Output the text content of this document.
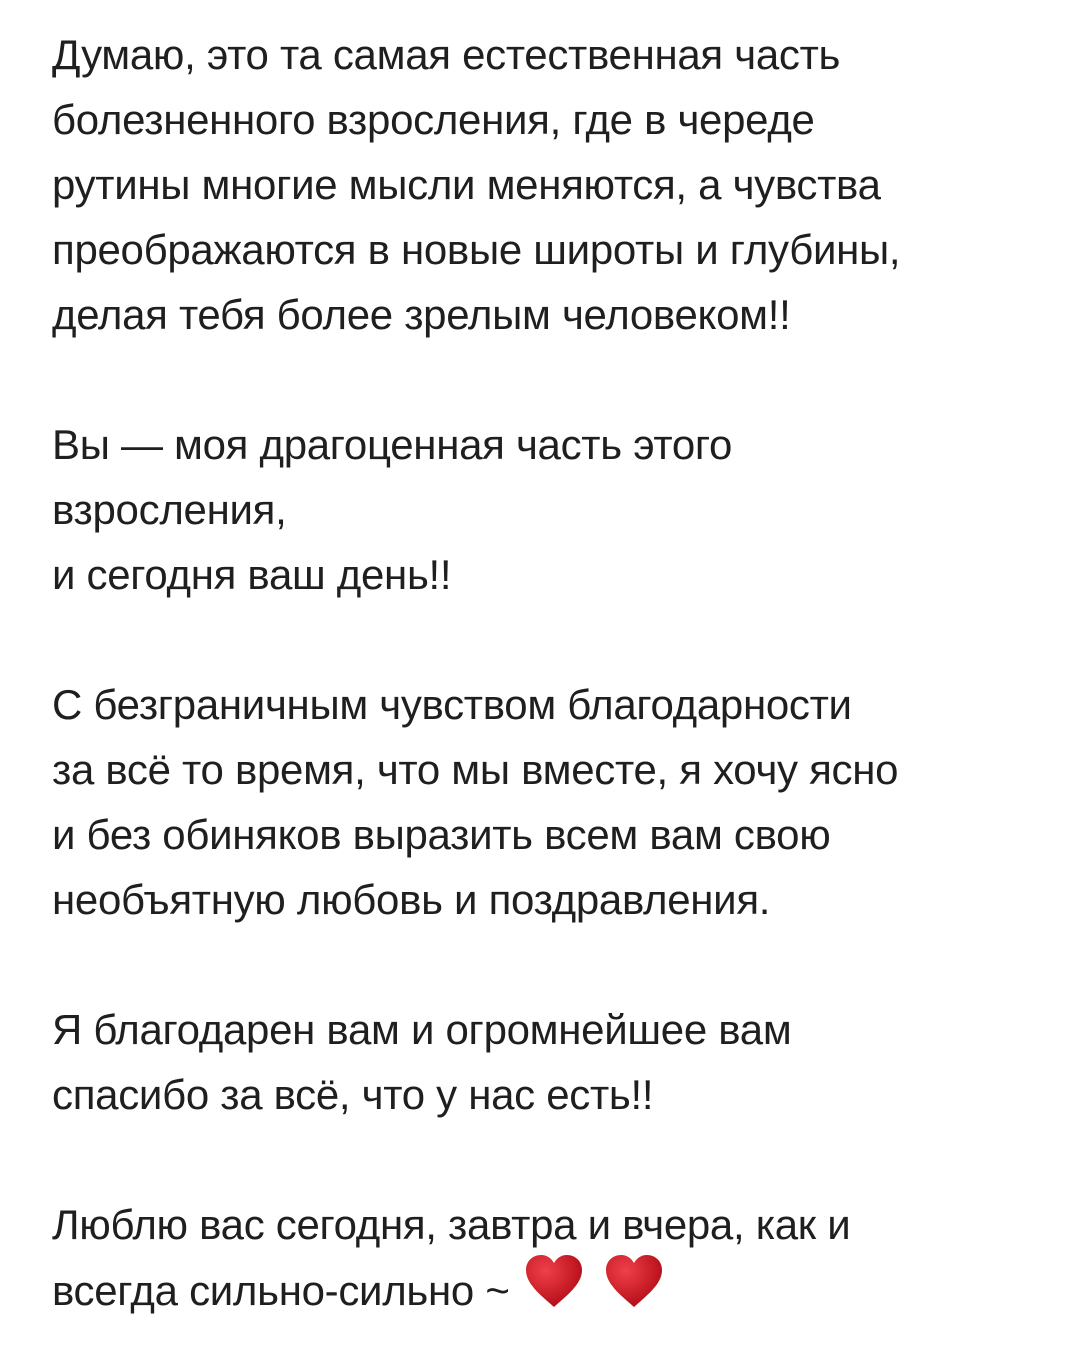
Думаю, это та самая естественная часть
болезненного взросления, где в череде
рутины многие мысли меняются, а чувства
преображаются в новые широты и глубины,
делая тебя более зрелым человеком!!
Вы — моя драгоценная часть этого
взросления,
и сегодня ваш день!!
С безграничным чувством благодарности
за всё то время, что мы вместе, я хочу ясно
и без обиняков выразить всем вам свою
необъятную любовь и поздравления.
Я благодарен вам и огромнейшее вам
спасибо за всё, что у нас есть!!
Люблю вас сегодня, завтра и вчера, как и
всегда сильно-сильно ~
